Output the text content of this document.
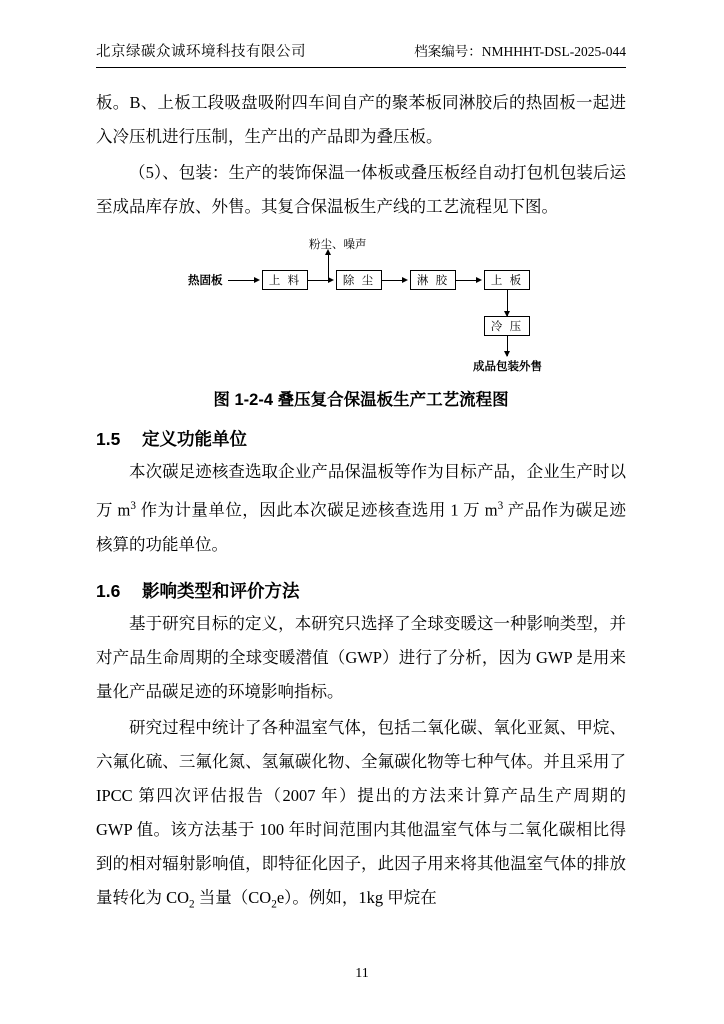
北京绿碳众诚环境科技有限公司	档案编号：NMHHHT-DSL-2025-044

板。B、上板工段吸盘吸附四车间自产的聚苯板同淋胶后的热固板一起进入冷压机进行压制，生产出的产品即为叠压板。

（5）、包装：生产的装饰保温一体板或叠压板经自动打包机包装后运至成品库存放、外售。其复合保温板生产线的工艺流程见下图。

粉尘、噪声
热固板	上 料	除 尘	淋 胶	上 板
冷 压
成品包装外售
图 1-2-4 叠压复合保温板生产工艺流程图
1.5 定义功能单位

本次碳足迹核查选取企业产品保温板等作为目标产品，企业生产时以万 $m^3$ 作为计量单位，因此本次碳足迹核查选用 1 万 $m^3$ 产品作为碳足迹核算的功能单位。

1.6 影响类型和评价方法

基于研究目标的定义，本研究只选择了全球变暖这一种影响类型，并对产品生命周期的全球变暖潜值（GWP）进行了分析，因为 GWP 是用来量化产品碳足迹的环境影响指标。

研究过程中统计了各种温室气体，包括二氧化碳、氧化亚氮、甲烷、六氟化硫、三氟化氮、氢氟碳化物、全氟碳化物等七种气体。并且采用了 IPCC 第四次评估报告（2007 年）提出的方法来计算产品生产周期的 GWP 值。该方法基于 100 年时间范围内其他温室气体与二氧化碳相比得到的相对辐射影响值，即特征化因子，此因子用来将其他温室气体的排放量转化为 $CO_2$ 当量$(CO_2e)$。例如，1kg 甲烷在

11
